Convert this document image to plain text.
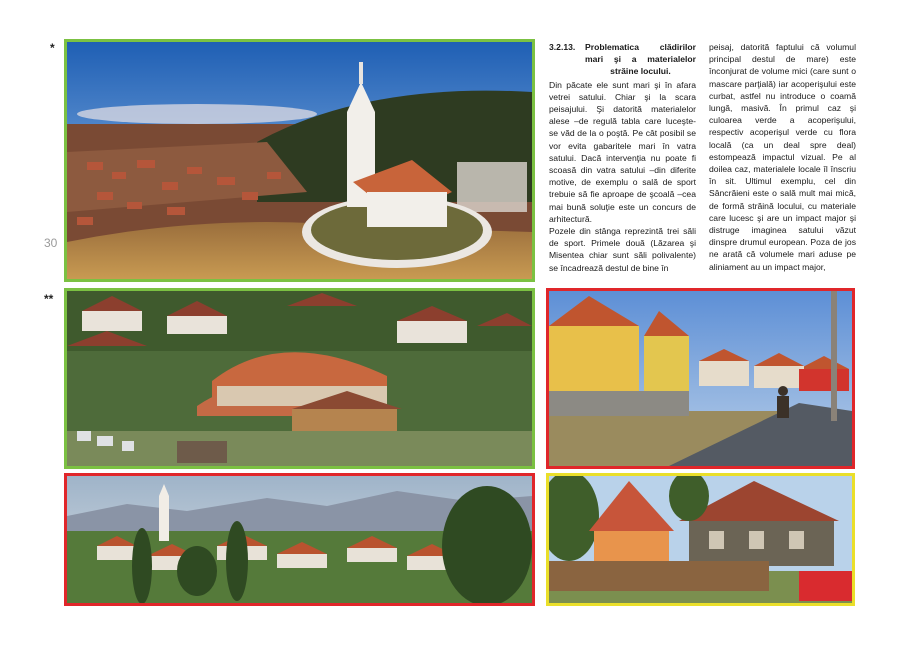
*
**
30
3.2.13.	Problematica clădirilor mari şi a materialelor străine locului.

Din păcate ele sunt mari şi în afara vetrei satului. Chiar şi la scara peisajului. Şi datorită materialelor alese –de regulă tabla care luceşte- se văd de la o poştă. Pe cât posibil se vor evita gabaritele mari în vatra satului. Dacă intervenţia nu poate fi scoasă din vatra satului –din diferite motive, de exemplu o sală de sport trebuie să fie aproape de şcoală –cea mai bună soluţie este un concurs de arhitectură.

Pozele din stânga reprezintă trei săli de sport. Primele două (Lăzarea şi Misentea chiar sunt săli polivalente) se încadrează destul de bine în

peisaj, datorită faptului că volumul principal destul de mare) este înconjurat de volume mici (care sunt o mascare parţială) iar acoperişului este curbat, astfel nu introduce o coamă lungă, masivă. În primul caz şi culoarea verde a acoperişului, respectiv acoperişul verde cu flora locală (ca un deal spre deal) estompează impactul vizual. Pe al doilea caz, materialele locale îl înscriu în sit. Ultimul exemplu, cel din Sâncrăieni este o sală mult mai mică, de formă străină locului, cu materiale care lucesc şi are un impact major şi distruge imaginea satului văzut dinspre drumul european. Poza de jos ne arată că volumele mari aduse pe aliniament au un impact major,
